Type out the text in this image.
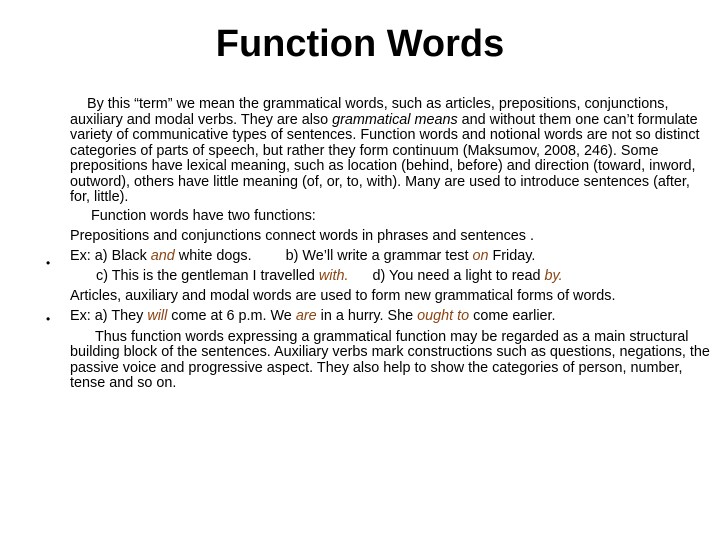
Function Words
•
•

By this “term” we mean the grammatical words, such as articles, prepositions, conjunctions, auxiliary and modal verbs. They are also grammatical means and without them one can’t formulate variety of communicative types of sentences. Function words and notional words are not so distinct categories of parts of speech, but rather they form continuum (Maksumov, 2008, 246). Some prepositions have lexical meaning, such as location (behind, before) and direction (toward, inword, outword), others have little meaning (of, or, to, with). Many are used to introduce sentences (after, for, little).

Function words have two functions:

Prepositions and conjunctions connect words in phrases and sentences .

Ex: a) Black and white dogs. b) We’ll write a grammar test on Friday.

c) This is the gentleman I travelled with. d) You need a light to read by.

Articles, auxiliary and modal words are used to form new grammatical forms of words.

Ex: a) They will come at 6 p.m. We are in a hurry. She ought to come earlier.

Thus function words expressing a grammatical function may be regarded as a main structural building block of the sentences. Auxiliary verbs mark constructions such as questions, negations, the passive voice and progressive aspect. They also help to show the categories of person, number, tense and so on.
